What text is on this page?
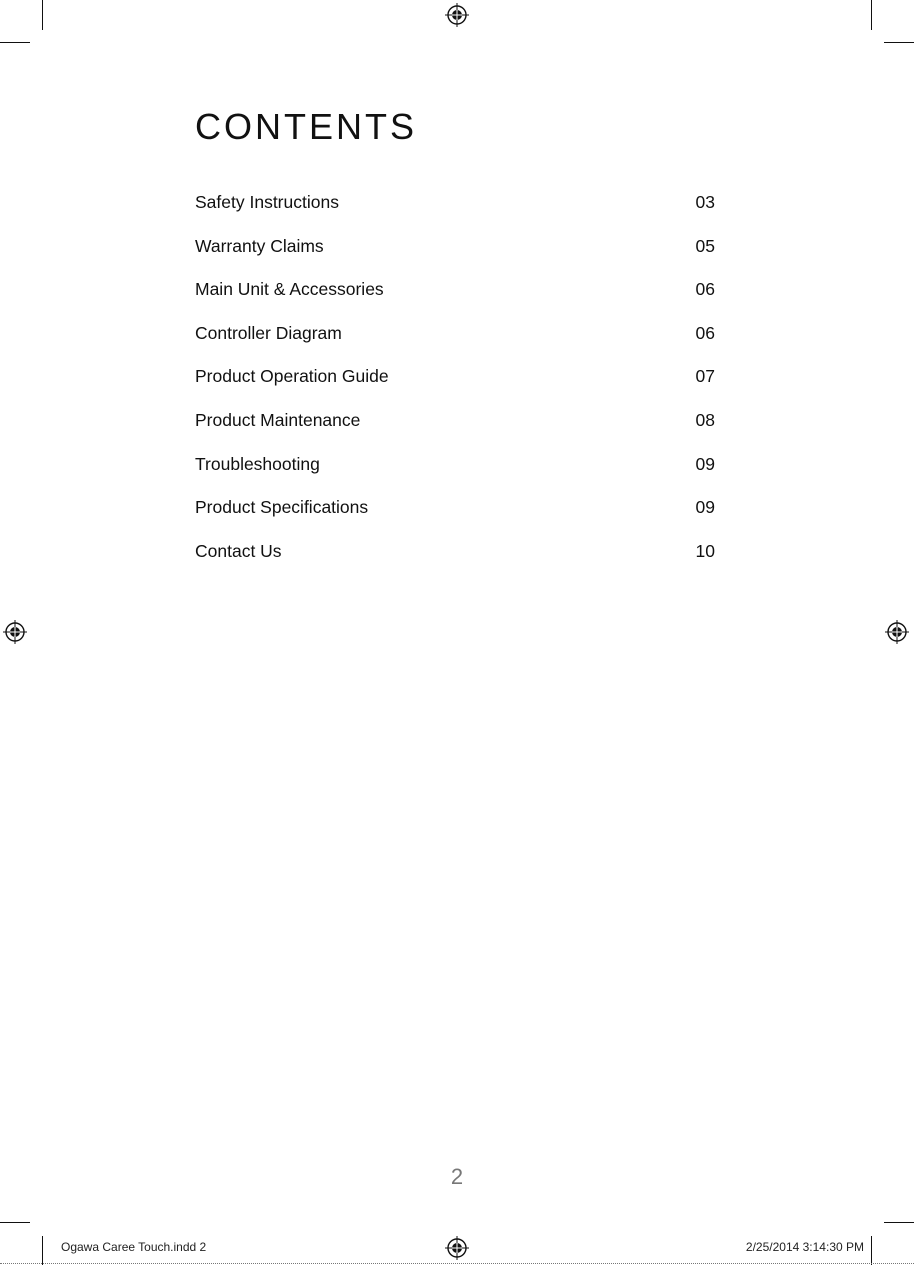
CONTENTS
Safety Instructions	03
Warranty Claims	05
Main Unit & Accessories	06
Controller Diagram	06
Product Operation Guide	07
Product Maintenance	08
Troubleshooting	09
Product Specifications	09
Contact Us	10
2
Ogawa Caree Touch.indd 2	2/25/2014 3:14:30 PM
